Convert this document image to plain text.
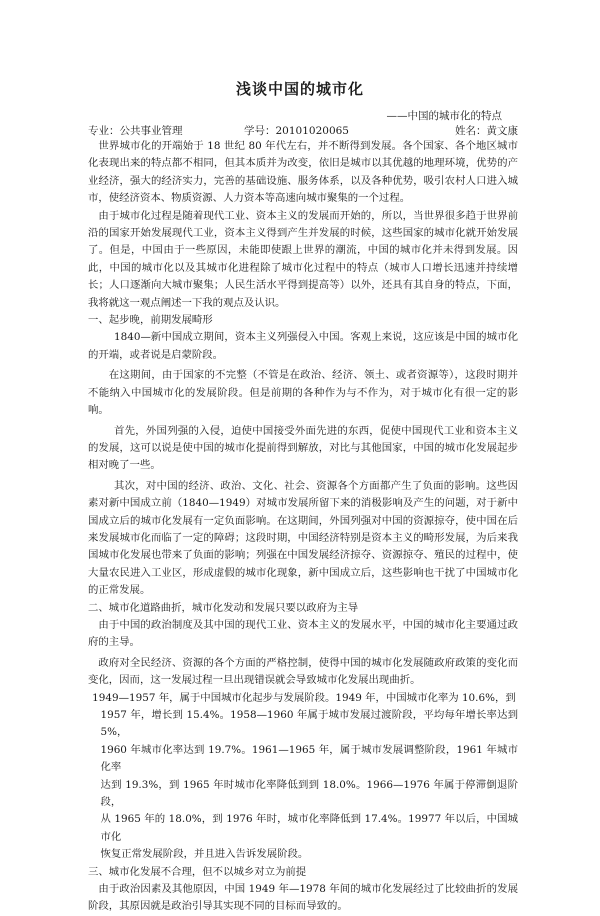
浅谈中国的城市化
——中国的城市化的特点
专业：公共事业管理	学号：20101020065	姓名：黄文康

世界城市化的开端始于 18 世纪 80 年代左右，并不断得到发展。各个国家、各个地区城市化表现出来的特点都不相同，但其本质并为改变，依旧是城市以其优越的地理环境，优势的产业经济，强大的经济实力，完善的基础设施、服务体系，以及各种优势，吸引农村人口进入城市，使经济资本、物质资源、人力资本等高速向城市聚集的一个过程。

由于城市化过程是随着现代工业、资本主义的发展而开始的，所以，当世界很多趋于世界前沿的国家开始发展现代工业，资本主义得到产生并发展的时候，这些国家的城市化就开始发展了。但是，中国由于一些原因，未能即使跟上世界的潮流，中国的城市化并未得到发展。因此，中国的城市化以及其城市化进程除了城市化过程中的特点（城市人口增长迅速并持续增长；人口逐渐向大城市聚集；人民生活水平得到提高等）以外，还具有其自身的特点，下面，我将就这一观点阐述一下我的观点及认识。

一、起步晚，前期发展畸形

1840—新中国成立期间，资本主义列强侵入中国。客观上来说，这应该是中国的城市化的开端，或者说是启蒙阶段。

在这期间，由于国家的不完整（不管是在政治、经济、领土、或者资源等），这段时期并不能纳入中国城市化的发展阶段。但是前期的各种作为与不作为，对于城市化有很一定的影响。

首先，外国列强的入侵，迫使中国接受外面先进的东西，促使中国现代工业和资本主义的发展，这可以说是使中国的城市化提前得到解放，对比与其他国家，中国的城市化发展起步相对晚了一些。

其次，对中国的经济、政治、文化、社会、资源各个方面都产生了负面的影响。这些因素对新中国成立前（1840—1949）对城市发展所留下来的消极影响及产生的问题，对于新中国成立后的城市化发展有一定负面影响。在这期间，外国列强对中国的资源掠夺，使中国在后来发展城市化而临了一定的障碍；这段时期，中国经济特别是资本主义的畸形发展，为后来我国城市化发展也带来了负面的影响；列强在中国发展经济掠夺、资源掠夺、殖民的过程中，使大量农民进入工业区，形成虚假的城市化现象，新中国成立后，这些影响也干扰了中国城市化的正常发展。

二、城市化道路曲折，城市化发动和发展只要以政府为主导

由于中国的政治制度及其中国的现代工业、资本主义的发展水平，中国的城市化主要通过政府的主导。

政府对全民经济、资源的各个方面的严格控制，使得中国的城市化发展随政府政策的变化而变化，因而，这一发展过程一旦出现错误就会导致城市化发展出现曲折。

1949—1957 年，属于中国城市化起步与发展阶段。1949 年，中国城市化率为 10.6%，到

1957 年，增长到 15.4%。1958—1960 年属于城市发展过渡阶段，平均每年增长率达到 5%，

1960 年城市化率达到 19.7%。1961—1965 年，属于城市发展调整阶段，1961 年城市化率

达到 19.3%，到 1965 年时城市化率降低到到 18.0%。1966—1976 年属于停滞倒退阶段，

从 1965 年的 18.0%，到 1976 年时，城市化率降低到 17.4%。19977 年以后，中国城市化

恢复正常发展阶段，并且进入告诉发展阶段。

三、城市化发展不合理，但不以城乡对立为前提

由于政治因素及其他原因，中国 1949 年—1978 年间的城市化发展经过了比较曲折的发展阶段，其原因就是政治引导其实现不同的目标而导致的。
